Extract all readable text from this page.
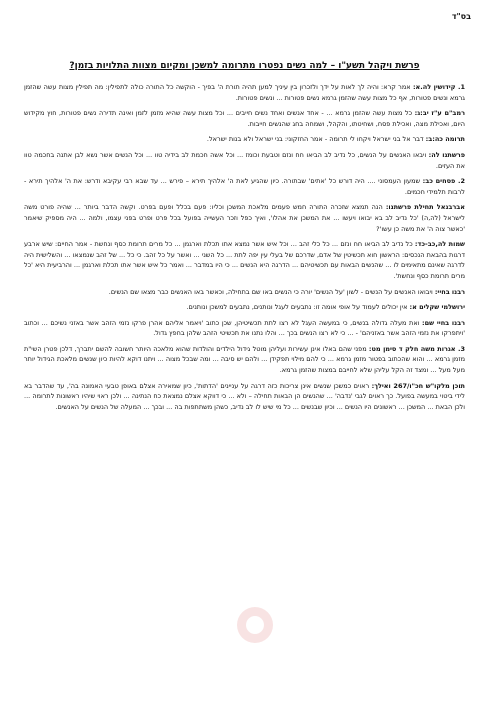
בס"ד
פרשת ויקהל תשע"ו – למה נשים נפטרו מתרומה למשכן ומקיום מצוות התלויות בזמן?

1. קידושין לה.א: אמר קרא: והיה לך לאות על ידך ולזכרון בין עיניך למען תהיה תורת ה' בפיך - הוקשה כל התורה כולה לתפילין: מה תפילין מצות עשה שהזמן גרמא ונשים פטורות, אף כל מצות עשה שהזמן גרמא נשים פטורות ... ונשים פטורות.

רמב"ם ע"ז יב:ג: כל מצות עשה שהזמן גרמא ... - אחד אנשים ואחד נשים חייבים ... וכל מצות עשה שהיא מזמן לזמן ואינה תדירה נשים פטורות, חוץ מקידוש היום, ואכילת מצה, ואכילת פסח, ושחיטתו, והקהל, ושמחה בחג שהנשים חייבות.

תרומה כה:ב: דבר אל בני ישראל ויקחו לי תרומה - אמר החזקוני: בני ישראל ולא בנות ישראל.

פרשתנו לה: ויבאו האנשים על הנשים, כל נדיב לב הביאו חח ונזם וטבעת וכומז ... וכל אשה חכמת לב בידיה טוו ... וכל הנשים אשר נשא לבן אתנה בחכמה טוו את העזים.

2. פסחים כב: שמעון העמסוני .... היה דורש כל 'אתים' שבתורה. כיון שהגיע לאת ה' אלהיך תירא – פירש ... עד שבא רבי עקיבא ודרש: את ה' אלהיך תירא - לרבות תלמידי חכמים.

אברבנאל תחילת פרשתנו: הנה תמצא שזכרה התורה חמש פעמים מלאכת המשכן וכליו: פעם בכלל ופעם בפרט. וקשה הדבר ביותר ... שהיה פורט משה לישראל (לה,ה) 'כל נדיב לב בא יבואו ויעשו ... את המשכן את אהלו', ואיך כפל וזכר העשייה בפועל בכל פרט ופרט בפני עצמו, ולמה ... היה מספיק שיאמר 'כאשר צוה ה' את משה כן עשו'?

שמות לה,כב-כד: כל נדיב לב הביאו חח ונזם ... כל כלי זהב ... וכל איש אשר נמצא אתו תכלת וארגמן ... כל מרים תרומת כסף ונחשת - אמר החיים: שיש ארבע דרגות בהבאת הנכסים: הראשון חוא תכשיטין של אדם, שדרכם של בעלי עין יפה לתת ... כל השני ... ואשר על כל זהב. כי כל ... של זהב שנמצאו ... והשלישית היה לדרגה שאינם מתאימים לו ... שהנשים הבאות עם תכשיטיהם ... הדרגה היא הנשים ... כי היו במדבר ... ואמר כל איש אשר אתו תכלת וארגמן ... והרביעית היא 'כל מרים תרומת כסף ונחשת'.

רבנו בחיי: ויבואו האנשים על הנשים - לשון 'על הנשים' יורה כי הנשים באו שם בתחילה, וכאשר באו האנשים כבר מצאו שם הנשים.

ירושלמי שקלים א: אין יכולים לעמוד על אופי אומה זו: נתבעים לעגל ונותנים, נתבעים למשכן ונותנים.

רבנו בחיי שם: ואת מעלה גדולה בנשים, כי במעשה העגל לא רצו לתת תכשיטיהן, שכן כתוב 'ויאמר אליהם אהרן פרקו נזמי הזהב אשר באזני נשיכם ... וכתוב 'ויתפרקו את נזמי הזהב אשר באזניהם' - ... כי לא רצו הנשים בכך ... והלו נתנו את תכשיטי הזהב שלהן בחפץ גדול.

3. אגרות משה חלק ד סימן מט: מפני שהם באלו אינן עשירות ועליהן מוטל גידול הילדים והולדות שהוא מלאכה היותר חשובה להשם יתברך, דלכן פטרן השי"ת מזמן גרמא ... והוא שהכתוב בפטור מזמן גרמא ... כי להם מילוי תפקידן ... ולהם יש סיבה ... ומה שבכל מצוה ... ויתנו דוקא להיות כיון שנשים מלאכת הגידול יותר מעל מעל ... ומצד זה הקל עליהן שלא לחייבם במצות שהזמן גרמא.

תוכן מלקו"ש חכ"ו/267 ואילך: ראוים כמשכן שנשים אינן צריכות כזה דרגה על עניינים 'הדתות', כיון שמאירה אצלם באופן טבעי האמונה בה', עד שהדבר בא לידי ביטוי במעשה בפועל. כך ראוים לגבי 'נדבה' ... שהנשים הן הבאות תחילה – ולא ... כי דווקא אצלם נמצאת כח הנתינה ... ולכן ראוי שיהיו ראשונות לתרומה ... ולכן הבאת ... המשכן ... ראשונים היו הנשים ... וכיון שבנשים ... כל מי שיש לו לב נדיב, כשהן משתתפות בה ... ובכך ... המעלה של הנשים על האנשים.
